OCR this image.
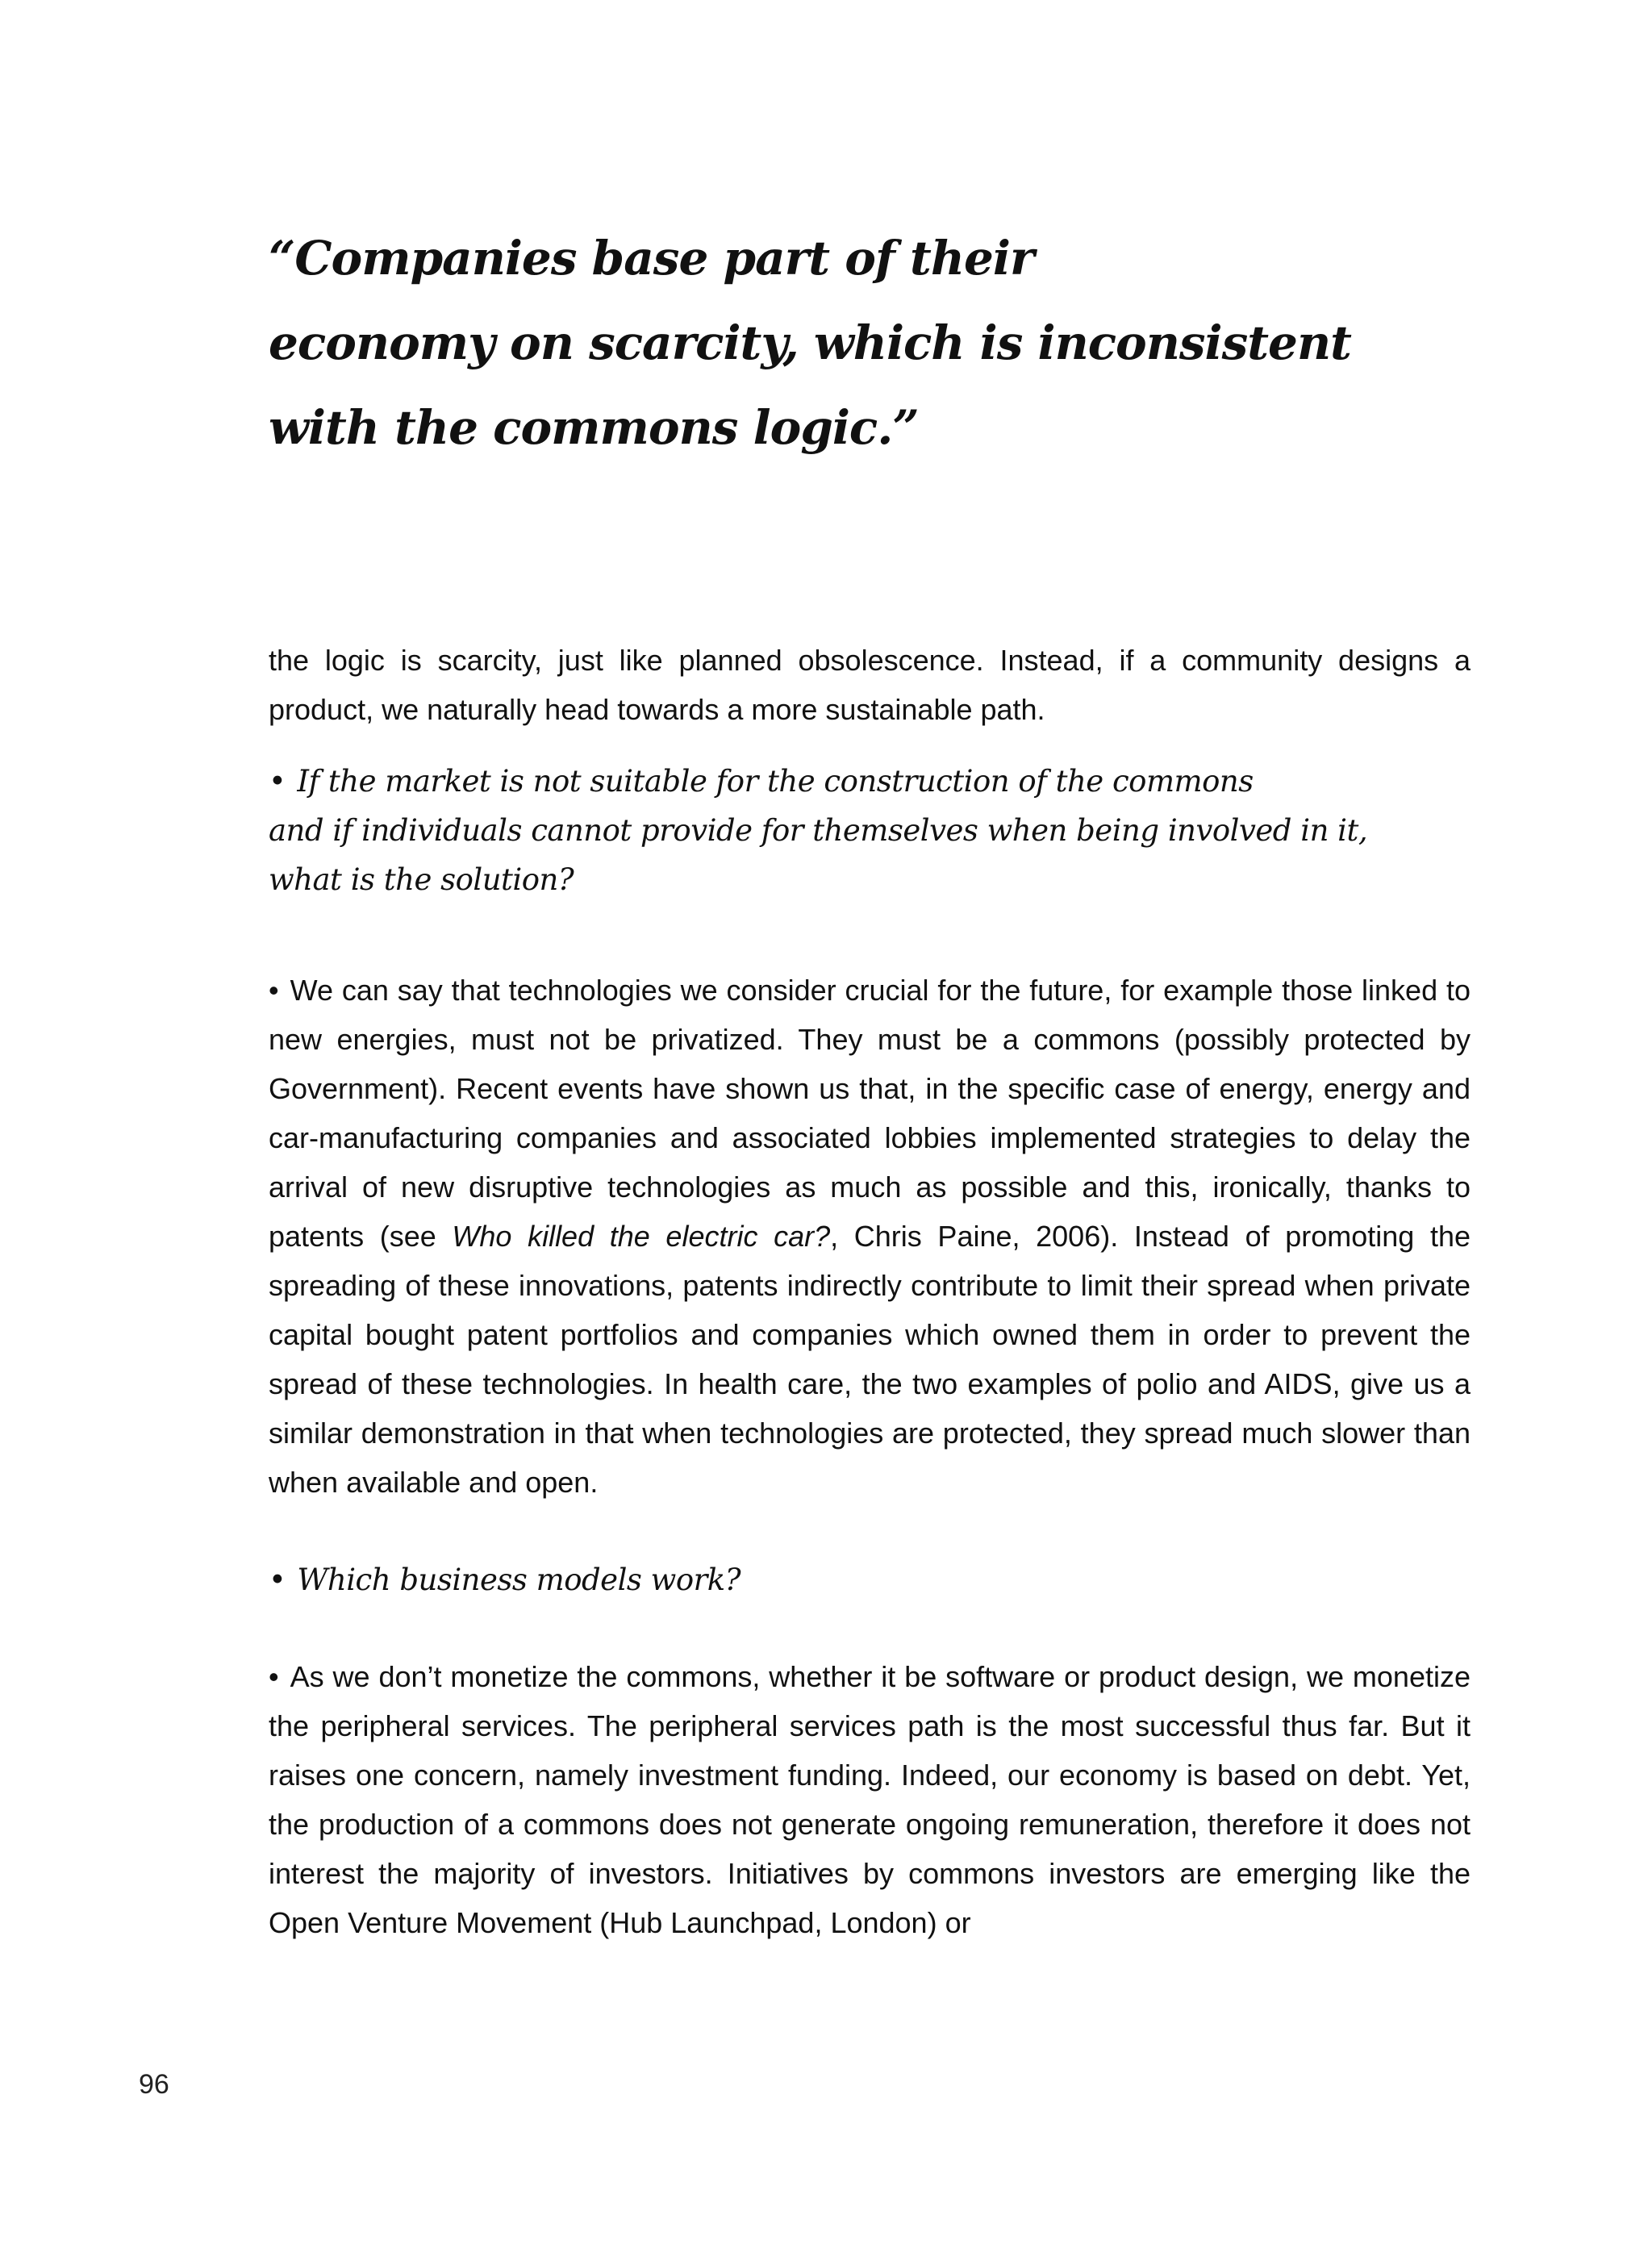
“Companies base part of their
economy on scarcity, which is inconsistent
with the commons logic.”

the logic is scarcity, just like planned obsolescence. Instead, if a community designs a product, we naturally head towards a more sustainable path.

• If the market is not suitable for the construction of the commons
and if individuals cannot provide for themselves when being involved in it,
what is the solution?

• We can say that technologies we consider crucial for the future, for example those linked to new energies, must not be privatized. They must be a commons (possibly protected by Government). Recent events have shown us that, in the specific case of energy, energy and car-manufacturing companies and associated lobbies implemented strategies to delay the arrival of new disruptive technologies as much as possible and this, ironically, thanks to patents (see Who killed the electric car?, Chris Paine, 2006). Instead of promoting the spreading of these innovations, patents indirectly contribute to limit their spread when private capital bought patent portfolios and companies which owned them in order to prevent the spread of these technologies. In health care, the two examples of polio and AIDS, give us a similar demonstration in that when technologies are protected, they spread much slower than when available and open.

• Which business models work?

• As we don’t monetize the commons, whether it be software or product design, we monetize the peripheral services. The peripheral services path is the most successful thus far. But it raises one concern, namely investment funding. Indeed, our economy is based on debt. Yet, the production of a commons does not generate ongoing remuneration, therefore it does not interest the majority of investors. Initiatives by commons investors are emerging like the Open Venture Movement (Hub Launchpad, London) or

96
